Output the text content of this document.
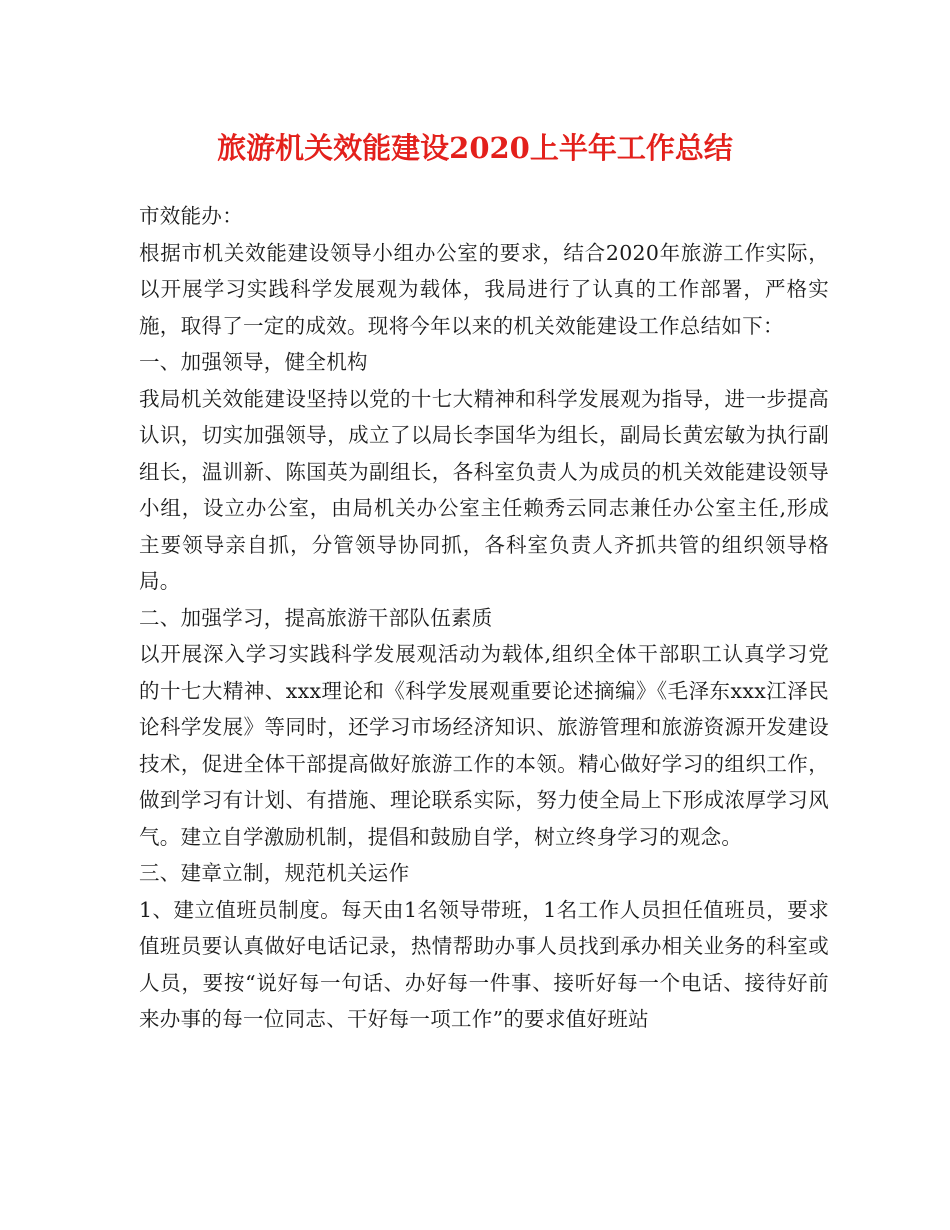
旅游机关效能建设2020上半年工作总结

市效能办：

根据市机关效能建设领导小组办公室的要求，结合2020年旅游工作实际，以开展学习实践科学发展观为载体，我局进行了认真的工作部署，严格实施，取得了一定的成效。现将今年以来的机关效能建设工作总结如下：

一、加强领导，健全机构

我局机关效能建设坚持以党的十七大精神和科学发展观为指导，进一步提高认识，切实加强领导，成立了以局长李国华为组长，副局长黄宏敏为执行副组长，温训新、陈国英为副组长，各科室负责人为成员的机关效能建设领导小组，设立办公室，由局机关办公室主任赖秀云同志兼任办公室主任,形成主要领导亲自抓，分管领导协同抓，各科室负责人齐抓共管的组织领导格局。

二、加强学习，提高旅游干部队伍素质

以开展深入学习实践科学发展观活动为载体,组织全体干部职工认真学习党的十七大精神、xxx理论和《科学发展观重要论述摘编》《毛泽东xxx江泽民论科学发展》等同时，还学习市场经济知识、旅游管理和旅游资源开发建设技术，促进全体干部提高做好旅游工作的本领。精心做好学习的组织工作，做到学习有计划、有措施、理论联系实际，努力使全局上下形成浓厚学习风气。建立自学激励机制，提倡和鼓励自学，树立终身学习的观念。

三、建章立制，规范机关运作

1、建立值班员制度。每天由1名领导带班，1名工作人员担任值班员，要求值班员要认真做好电话记录，热情帮助办事人员找到承办相关业务的科室或人员，要按“说好每一句话、办好每一件事、接听好每一个电话、接待好前来办事的每一位同志、干好每一项工作”的要求值好班站
